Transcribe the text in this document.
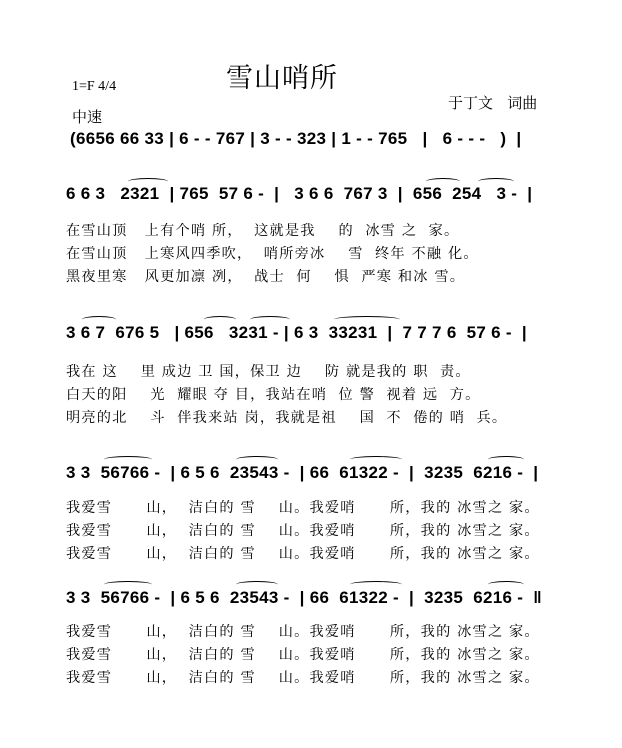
雪山哨所
1=F 4/4
中速
于丁文   词曲
(6656 66 33 | 6 - - 767 | 3 - - 323 | 1 - - 765   |   6 - - -   )  |
6 6 3   2321  | 765  57 6 -  |   3 6 6  767 3  |  656  254   3 -  |
在雪山顶   上有个哨 所，  这就是我    的  冰雪 之  家。
在雪山顶   上寒风四季吹，  哨所旁冰    雪  终年 不融 化。
黑夜里寒   风更加凛 冽，  战士  何    惧  严寒 和冰 雪。
3 6 7  676 5   | 656   3231 - | 6 3  33231  |  7 7 7 6  57 6 -  |
我在 这    里 成边 卫 国，保卫 边    防 就是我的 职  责。
白天的阳    光  耀眼 夺 目，我站在哨  位 警  视着 远  方。
明亮的北    斗  伴我来站 岗，我就是祖    国  不  倦的 哨  兵。
3 3  56766 -  | 6 5 6  23543 -  | 66  61322 -  |  3235  6216 -  |
我爱雪      山，  洁白的 雪    山。我爱哨      所，我的 冰雪之 家。
我爱雪      山，  洁白的 雪    山。我爱哨      所，我的 冰雪之 家。
我爱雪      山，  洁白的 雪    山。我爱哨      所，我的 冰雪之 家。
3 3  56766 -  | 6 5 6  23543 -  | 66  61322 -  |  3235  6216 -  ‖
我爱雪      山，  洁白的 雪    山。我爱哨      所，我的 冰雪之 家。
我爱雪      山，  洁白的 雪    山。我爱哨      所，我的 冰雪之 家。
我爱雪      山，  洁白的 雪    山。我爱哨      所，我的 冰雪之 家。
